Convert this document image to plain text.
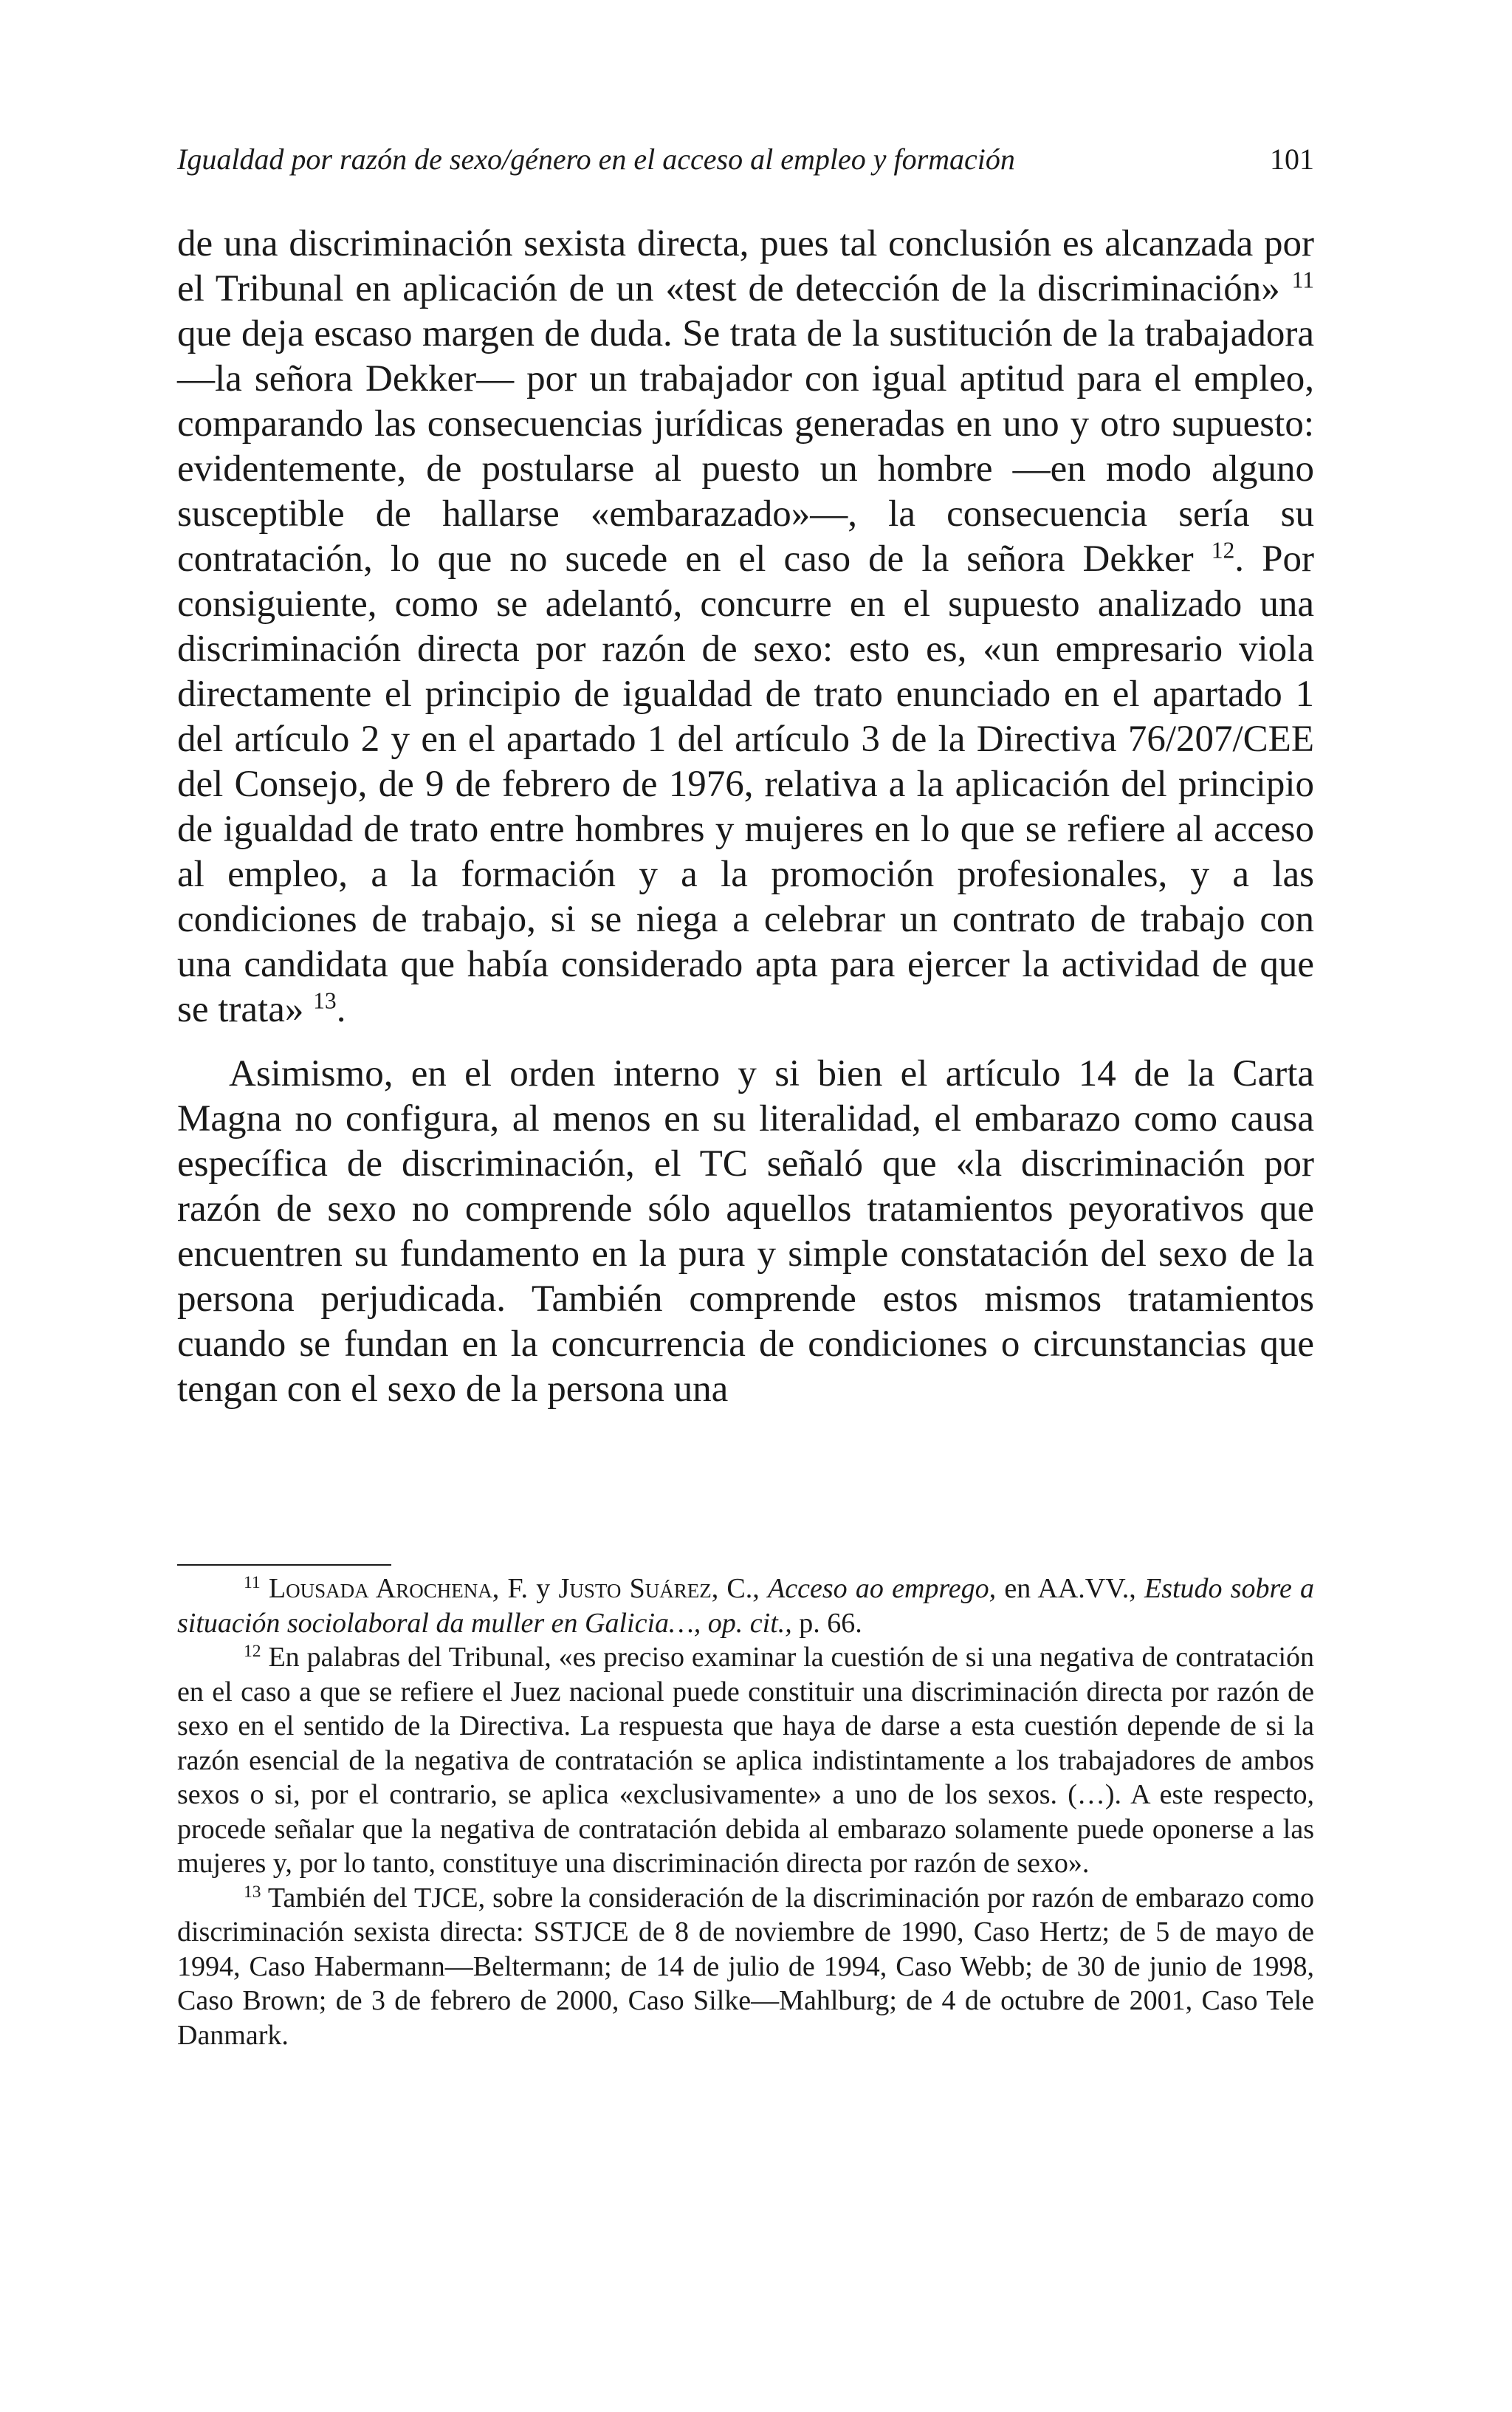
Igualdad por razón de sexo/género en el acceso al empleo y formación	101

de una discriminación sexista directa, pues tal conclusión es alcanzada por el Tribunal en aplicación de un «test de detección de la discriminación» $^{11}$ que deja escaso margen de duda. Se trata de la sustitución de la trabajadora —la señora Dekker— por un trabajador con igual aptitud para el empleo, comparando las consecuencias jurídicas generadas en uno y otro supuesto: evidentemente, de postularse al puesto un hombre —en modo alguno susceptible de hallarse «embarazado»—, la consecuencia sería su contratación, lo que no sucede en el caso de la señora Dekker $^{12}$. Por consiguiente, como se adelantó, concurre en el supuesto analizado una discriminación directa por razón de sexo: esto es, «un empresario viola directamente el principio de igualdad de trato enunciado en el apartado 1 del artículo 2 y en el apartado 1 del artículo 3 de la Directiva 76/207/CEE del Consejo, de 9 de febrero de 1976, relativa a la aplicación del principio de igualdad de trato entre hombres y mujeres en lo que se refiere al acceso al empleo, a la formación y a la promoción profesionales, y a las condiciones de trabajo, si se niega a celebrar un contrato de trabajo con una candidata que había considerado apta para ejercer la actividad de que se trata» $^{13}$.

Asimismo, en el orden interno y si bien el artículo 14 de la Carta Magna no configura, al menos en su literalidad, el embarazo como causa específica de discriminación, el TC señaló que «la discriminación por razón de sexo no comprende sólo aquellos tratamientos peyorativos que encuentren su fundamento en la pura y simple constatación del sexo de la persona perjudicada. También comprende estos mismos tratamientos cuando se fundan en la concurrencia de condiciones o circunstancias que tengan con el sexo de la persona una

$^{11}$ Lousada Arochena, F. y Justo Suárez, C., Acceso ao emprego, en AA.VV., Estudo sobre a situación sociolaboral da muller en Galicia…, op. cit., p. 66.

$^{12}$ En palabras del Tribunal, «es preciso examinar la cuestión de si una negativa de contratación en el caso a que se refiere el Juez nacional puede constituir una discriminación directa por razón de sexo en el sentido de la Directiva. La respuesta que haya de darse a esta cuestión depende de si la razón esencial de la negativa de contratación se aplica indistintamente a los trabajadores de ambos sexos o si, por el contrario, se aplica «exclusivamente» a uno de los sexos. (…). A este respecto, procede señalar que la negativa de contratación debida al embarazo solamente puede oponerse a las mujeres y, por lo tanto, constituye una discriminación directa por razón de sexo».

$^{13}$ También del TJCE, sobre la consideración de la discriminación por razón de embarazo como discriminación sexista directa: SSTJCE de 8 de noviembre de 1990, Caso Hertz; de 5 de mayo de 1994, Caso Habermann—Beltermann; de 14 de julio de 1994, Caso Webb; de 30 de junio de 1998, Caso Brown; de 3 de febrero de 2000, Caso Silke—Mahlburg; de 4 de octubre de 2001, Caso Tele Danmark.
